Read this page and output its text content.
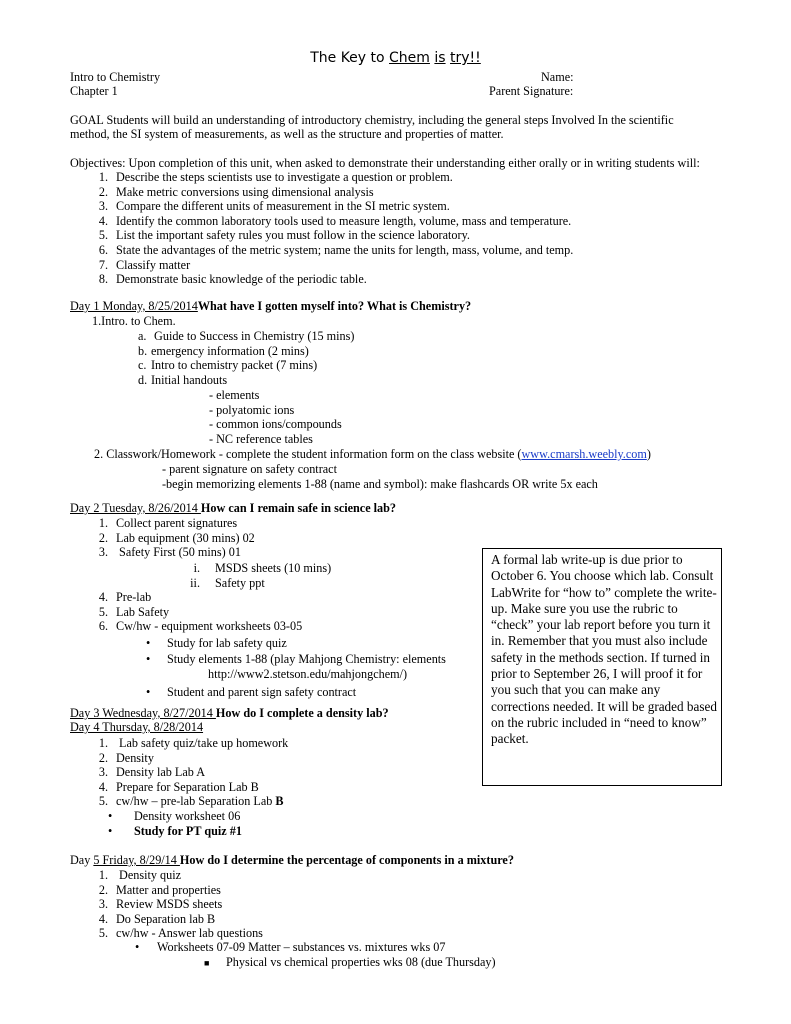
The Key to Chem is try!!
Intro to Chemistry
Chapter 1
Name:
Parent Signature:
GOAL Students will build an understanding of introductory chemistry, including the general steps Involved In the scientific
method, the SI system of measurements, as well as the structure and properties of matter.
Objectives: Upon completion of this unit, when asked to demonstrate their understanding either orally or in writing students will:
1. Describe the steps scientists use to investigate a question or problem.
2. Make metric conversions using dimensional analysis
3. Compare the different units of measurement in the SI metric system.
4. Identify the common laboratory tools used to measure length, volume, mass and temperature.
5. List the important safety rules you must follow in the science laboratory.
6. State the advantages of the metric system; name the units for length, mass, volume, and temp.
7. Classify matter
8. Demonstrate basic knowledge of the periodic table.
Day 1 Monday, 8/25/2014What have I gotten myself into? What is Chemistry?
1.Intro. to Chem.
a. Guide to Success in Chemistry (15 mins)
b. emergency information (2 mins)
c. Intro to chemistry packet (7 mins)
d. Initial handouts
- elements
- polyatomic ions
- common ions/compounds
- NC reference tables
2. Classwork/Homework - complete the student information form on the class website (www.cmarsh.weebly.com)
- parent signature on safety contract
-begin memorizing elements 1-88 (name and symbol): make flashcards OR write 5x each
Day 2 Tuesday, 8/26/2014 How can I remain safe in science lab?
1. Collect parent signatures
2. Lab equipment (30 mins) 02
3. Safety First (50 mins) 01
i. MSDS sheets (10 mins)
ii. Safety ppt
4. Pre-lab
5. Lab Safety
6. Cw/hw - equipment worksheets 03-05
• Study for lab safety quiz
• Study elements 1-88 (play Mahjong Chemistry: elements
http://www2.stetson.edu/mahjongchem/)
• Student and parent sign safety contract
A formal lab write-up is due prior to October 6. You choose which lab. Consult LabWrite for “how to” complete the write-up. Make sure you use the rubric to “check” your lab report before you turn it in. Remember that you must also include safety in the methods section. If turned in prior to September 26, I will proof it for you such that you can make any corrections needed. It will be graded based on the rubric included in “need to know” packet.
Day 3 Wednesday, 8/27/2014 How do I complete a density lab?
Day 4 Thursday, 8/28/2014
1. Lab safety quiz/take up homework
2. Density
3. Density lab Lab A
4. Prepare for Separation Lab B
5. cw/hw – pre-lab Separation Lab B
• Density worksheet 06
• Study for PT quiz #1
Day 5 Friday, 8/29/14 How do I determine the percentage of components in a mixture?
1. Density quiz
2. Matter and properties
3. Review MSDS sheets
4. Do Separation lab B
5. cw/hw - Answer lab questions
• Worksheets 07-09 Matter – substances vs. mixtures wks 07
■ Physical vs chemical properties wks 08 (due Thursday)
